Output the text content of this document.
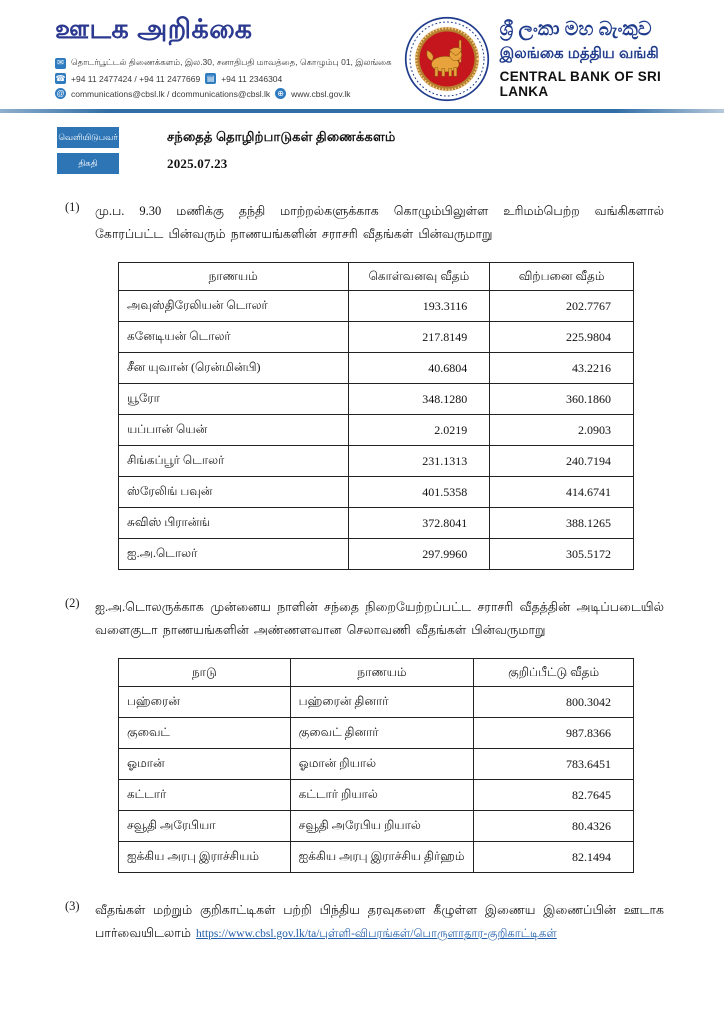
ஊடக அறிக்கை
✉ தொடர்பூட்டல் திணைக்களம், இல.30, சனாதிபதி மாவத்தை, கொழும்பு 01, இலங்கை
☎ +94 11 2477424 / +94 11 2477669 ▤ +94 11 2346304
@ communications@cbsl.lk / dcommunications@cbsl.lk ⊕ www.cbsl.gov.lk
ශ්‍රී ලංකා මහ බැංකුව
இலங்கை மத்திய வங்கி
CENTRAL BANK OF SRI LANKA
வெளியிடுபவர்	சந்தைத் தொழிற்பாடுகள் திணைக்களம்
திகதி	2025.07.23
(1)	மு.ப. 9.30 மணிக்கு தந்தி மாற்றல்களுக்காக கொழும்பிலுள்ள உரிமம்பெற்ற வங்கிகளால் கோரப்பட்ட பின்வரும் நாணயங்களின் சராசரி வீதங்கள் பின்வருமாறு
நாணயம்	கொள்வனவு வீதம்	விற்பனை வீதம்
அவுஸ்திரேலியன் டொலர்	193.3116	202.7767
கனேடியன் டொலர்	217.8149	225.9804
சீன யுவான் (ரென்மின்பி)	40.6804	43.2216
யூரோ	348.1280	360.1860
யப்பான் யென்	2.0219	2.0903
சிங்கப்பூர் டொலர்	231.1313	240.7194
ஸ்ரேலிங் பவுன்	401.5358	414.6741
சுவிஸ் பிரான்ங்	372.8041	388.1265
ஐ.அ.டொலர்	297.9960	305.5172
(2)	ஐ.அ.டொலருக்காக முன்னைய நாளின் சந்தை நிறையேற்றப்பட்ட சராசரி வீதத்தின் அடிப்படையில் வளைகுடா நாணயங்களின் அண்ணளவான செலாவணி வீதங்கள் பின்வருமாறு
நாடு	நாணயம்	குறிப்பீட்டு வீதம்
பஹ்ரைன்	பஹ்ரைன் தினார்	800.3042
குவைட்	குவைட் தினார்	987.8366
ஓமான்	ஓமான் றியால்	783.6451
கட்டார்	கட்டார் றியால்	82.7645
சவூதி அரேபியா	சவூதி அரேபிய றியால்	80.4326
ஐக்கிய அரபு இராச்சியம்	ஐக்கிய அரபு இராச்சிய திர்ஹம்	82.1494
(3)	வீதங்கள் மற்றும் குறிகாட்டிகள் பற்றி பிந்திய தரவுகளை கீழுள்ள இணைய இணைப்பின் ஊடாக பார்வையிடலாம் https://www.cbsl.gov.lk/ta/புள்ளி-விபரங்கள்/பொருளாதார-குறிகாட்டிகள்
